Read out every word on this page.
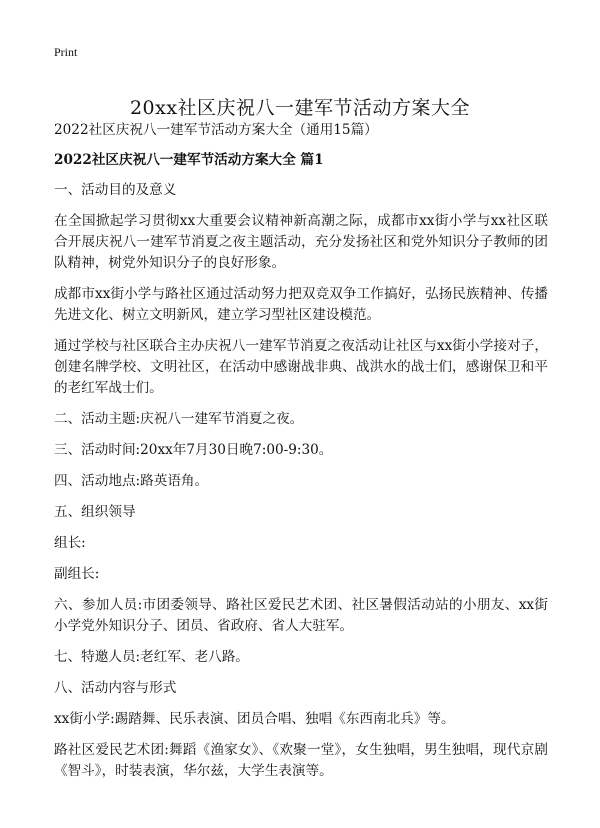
Print
20xx社区庆祝八一建军节活动方案大全

2022社区庆祝八一建军节活动方案大全（通用15篇）

2022社区庆祝八一建军节活动方案大全 篇1

一、活动目的及意义

在全国掀起学习贯彻xx大重要会议精神新高潮之际，成都市xx街小学与xx社区联合开展庆祝八一建军节消夏之夜主题活动，充分发扬社区和党外知识分子教师的团队精神，树党外知识分子的良好形象。

成都市xx街小学与路社区通过活动努力把双竞双争工作搞好，弘扬民族精神、传播先进文化、树立文明新风，建立学习型社区建设模范。

通过学校与社区联合主办庆祝八一建军节消夏之夜活动让社区与xx街小学接对子，创建名牌学校、文明社区，在活动中感谢战非典、战洪水的战士们，感谢保卫和平的老红军战士们。

二、活动主题:庆祝八一建军节消夏之夜。

三、活动时间:20xx年7月30日晚7:00-9:30。

四、活动地点:路英语角。

五、组织领导

组长:

副组长:

六、参加人员:市团委领导、路社区爱民艺术团、社区暑假活动站的小朋友、xx街小学党外知识分子、团员、省政府、省人大驻军。

七、特邀人员:老红军、老八路。

八、活动内容与形式

xx街小学:踢踏舞、民乐表演、团员合唱、独唱《东西南北兵》等。

路社区爱民艺术团:舞蹈《渔家女》、《欢聚一堂》，女生独唱，男生独唱，现代京剧《智斗》，时装表演，华尔兹，大学生表演等。
